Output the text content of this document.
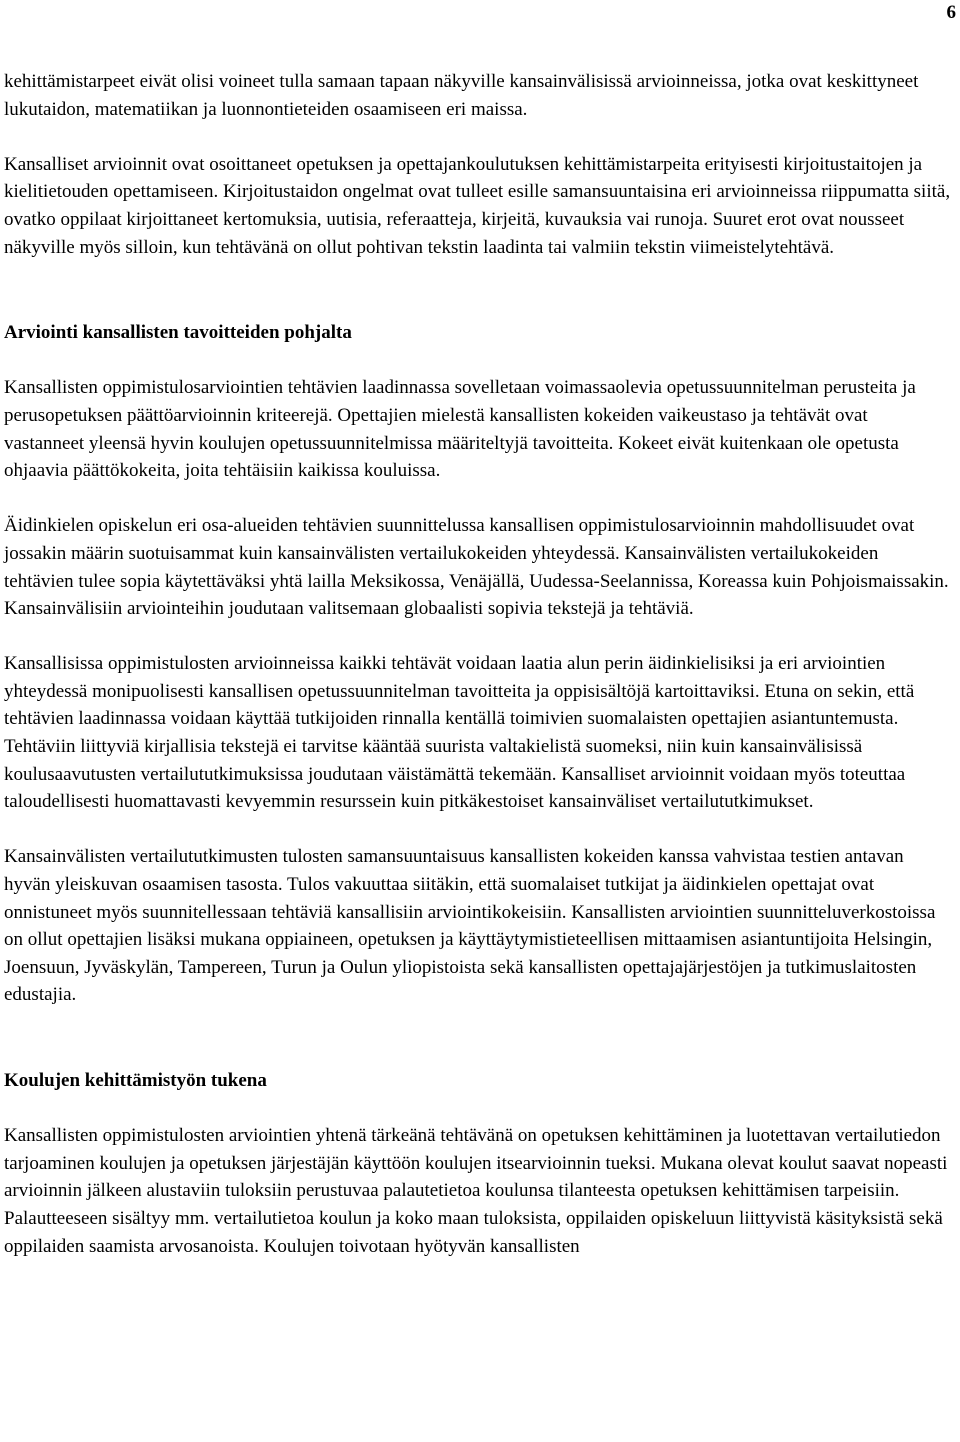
6

kehittämistarpeet eivät olisi voineet tulla samaan tapaan näkyville kansainvälisissä arvioinneissa, jotka ovat keskittyneet lukutaidon, matematiikan ja luonnontieteiden osaamiseen eri maissa.

Kansalliset arvioinnit ovat osoittaneet opetuksen ja opettajankoulutuksen kehittämistarpeita erityisesti kirjoitustaitojen ja kielitietouden opettamiseen. Kirjoitustaidon ongelmat ovat tulleet esille samansuuntaisina eri arvioinneissa riippumatta siitä, ovatko oppilaat kirjoittaneet kertomuksia, uutisia, referaatteja, kirjeitä, kuvauksia vai runoja. Suuret erot ovat nousseet näkyville myös silloin, kun tehtävänä on ollut pohtivan tekstin laadinta tai valmiin tekstin viimeistelytehtävä.

Arviointi kansallisten tavoitteiden pohjalta

Kansallisten oppimistulosarviointien tehtävien laadinnassa sovelletaan voimassaolevia opetussuunnitelman perusteita ja perusopetuksen päättöarvioinnin kriteerejä. Opettajien mielestä kansallisten kokeiden vaikeustaso ja tehtävät ovat vastanneet yleensä hyvin koulujen opetussuunnitelmissa määriteltyjä tavoitteita. Kokeet eivät kuitenkaan ole opetusta ohjaavia päättökokeita, joita tehtäisiin kaikissa kouluissa.

Äidinkielen opiskelun eri osa-alueiden tehtävien suunnittelussa kansallisen oppimistulosarvioinnin mahdollisuudet ovat jossakin määrin suotuisammat kuin kansainvälisten vertailukokeiden yhteydessä. Kansainvälisten vertailukokeiden tehtävien tulee sopia käytettäväksi yhtä lailla Meksikossa, Venäjällä, Uudessa-Seelannissa, Koreassa kuin Pohjoismaissakin. Kansainvälisiin arviointeihin joudutaan valitsemaan globaalisti sopivia tekstejä ja tehtäviä.

Kansallisissa oppimistulosten arvioinneissa kaikki tehtävät voidaan laatia alun perin äidinkielisiksi ja eri arviointien yhteydessä monipuolisesti kansallisen opetussuunnitelman tavoitteita ja oppisisältöjä kartoittaviksi. Etuna on sekin, että tehtävien laadinnassa voidaan käyttää tutkijoiden rinnalla kentällä toimivien suomalaisten opettajien asiantuntemusta. Tehtäviin liittyviä kirjallisia tekstejä ei tarvitse kääntää suurista valtakielistä suomeksi, niin kuin kansainvälisissä koulusaavutusten vertailututkimuksissa joudutaan väistämättä tekemään. Kansalliset arvioinnit voidaan myös toteuttaa taloudellisesti huomattavasti kevyemmin resurssein kuin pitkäkestoiset kansainväliset vertailututkimukset.

Kansainvälisten vertailututkimusten tulosten samansuuntaisuus kansallisten kokeiden kanssa vahvistaa testien antavan hyvän yleiskuvan osaamisen tasosta. Tulos vakuuttaa siitäkin, että suomalaiset tutkijat ja äidinkielen opettajat ovat onnistuneet myös suunnitellessaan tehtäviä kansallisiin arviointikokeisiin. Kansallisten arviointien suunnitteluverkostoissa on ollut opettajien lisäksi mukana oppiaineen, opetuksen ja käyttäytymistieteellisen mittaamisen asiantuntijoita Helsingin, Joensuun, Jyväskylän, Tampereen, Turun ja Oulun yliopistoista sekä kansallisten opettajajärjestöjen ja tutkimuslaitosten edustajia.

Koulujen kehittämistyön tukena

Kansallisten oppimistulosten arviointien yhtenä tärkeänä tehtävänä on opetuksen kehittäminen ja luotettavan vertailutiedon tarjoaminen koulujen ja opetuksen järjestäjän käyttöön koulujen itsearvioinnin tueksi. Mukana olevat koulut saavat nopeasti arvioinnin jälkeen alustaviin tuloksiin perustuvaa palautetietoa koulunsa tilanteesta opetuksen kehittämisen tarpeisiin. Palautteeseen sisältyy mm. vertailutietoa koulun ja koko maan tuloksista, oppilaiden opiskeluun liittyvistä käsityksistä sekä oppilaiden saamista arvosanoista. Koulujen toivotaan hyötyvän kansallisten
